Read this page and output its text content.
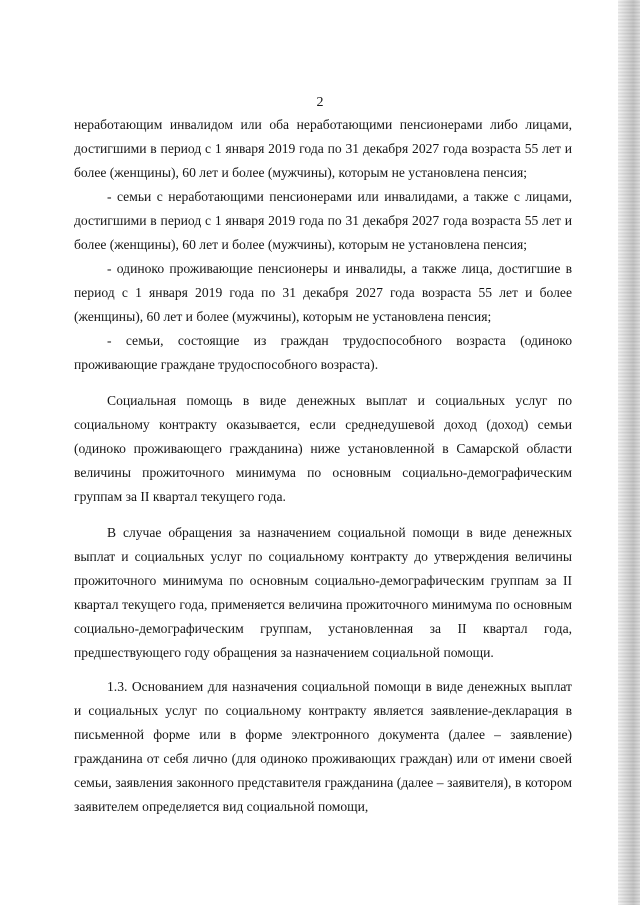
2

неработающим инвалидом или оба неработающими пенсионерами либо лицами, достигшими в период с 1 января 2019 года по 31 декабря 2027 года возраста 55 лет и более (женщины), 60 лет и более (мужчины), которым не установлена пенсия;

- семьи с неработающими пенсионерами или инвалидами, а также с лицами, достигшими в период с 1 января 2019 года по 31 декабря 2027 года возраста 55 лет и более (женщины), 60 лет и более (мужчины), которым не установлена пенсия;

- одиноко проживающие пенсионеры и инвалиды, а также лица, достигшие в период с 1 января 2019 года по 31 декабря 2027 года возраста 55 лет и более (женщины), 60 лет и более (мужчины), которым не установлена пенсия;

- семьи, состоящие из граждан трудоспособного возраста (одиноко проживающие граждане трудоспособного возраста).

Социальная помощь в виде денежных выплат и социальных услуг по социальному контракту оказывается, если среднедушевой доход (доход) семьи (одиноко проживающего гражданина) ниже установленной в Самарской области величины прожиточного минимума по основным социально-демографическим группам за II квартал текущего года.

В случае обращения за назначением социальной помощи в виде денежных выплат и социальных услуг по социальному контракту до утверждения величины прожиточного минимума по основным социально-демографическим группам за II квартал текущего года, применяется величина прожиточного минимума по основным социально-демографическим группам, установленная за II квартал года, предшествующего году обращения за назначением социальной помощи.

1.3. Основанием для назначения социальной помощи в виде денежных выплат и социальных услуг по социальному контракту является заявление-декларация в письменной форме или в форме электронного документа (далее – заявление) гражданина от себя лично (для одиноко проживающих граждан) или от имени своей семьи, заявления законного представителя гражданина (далее – заявителя), в котором заявителем определяется вид социальной помощи,
